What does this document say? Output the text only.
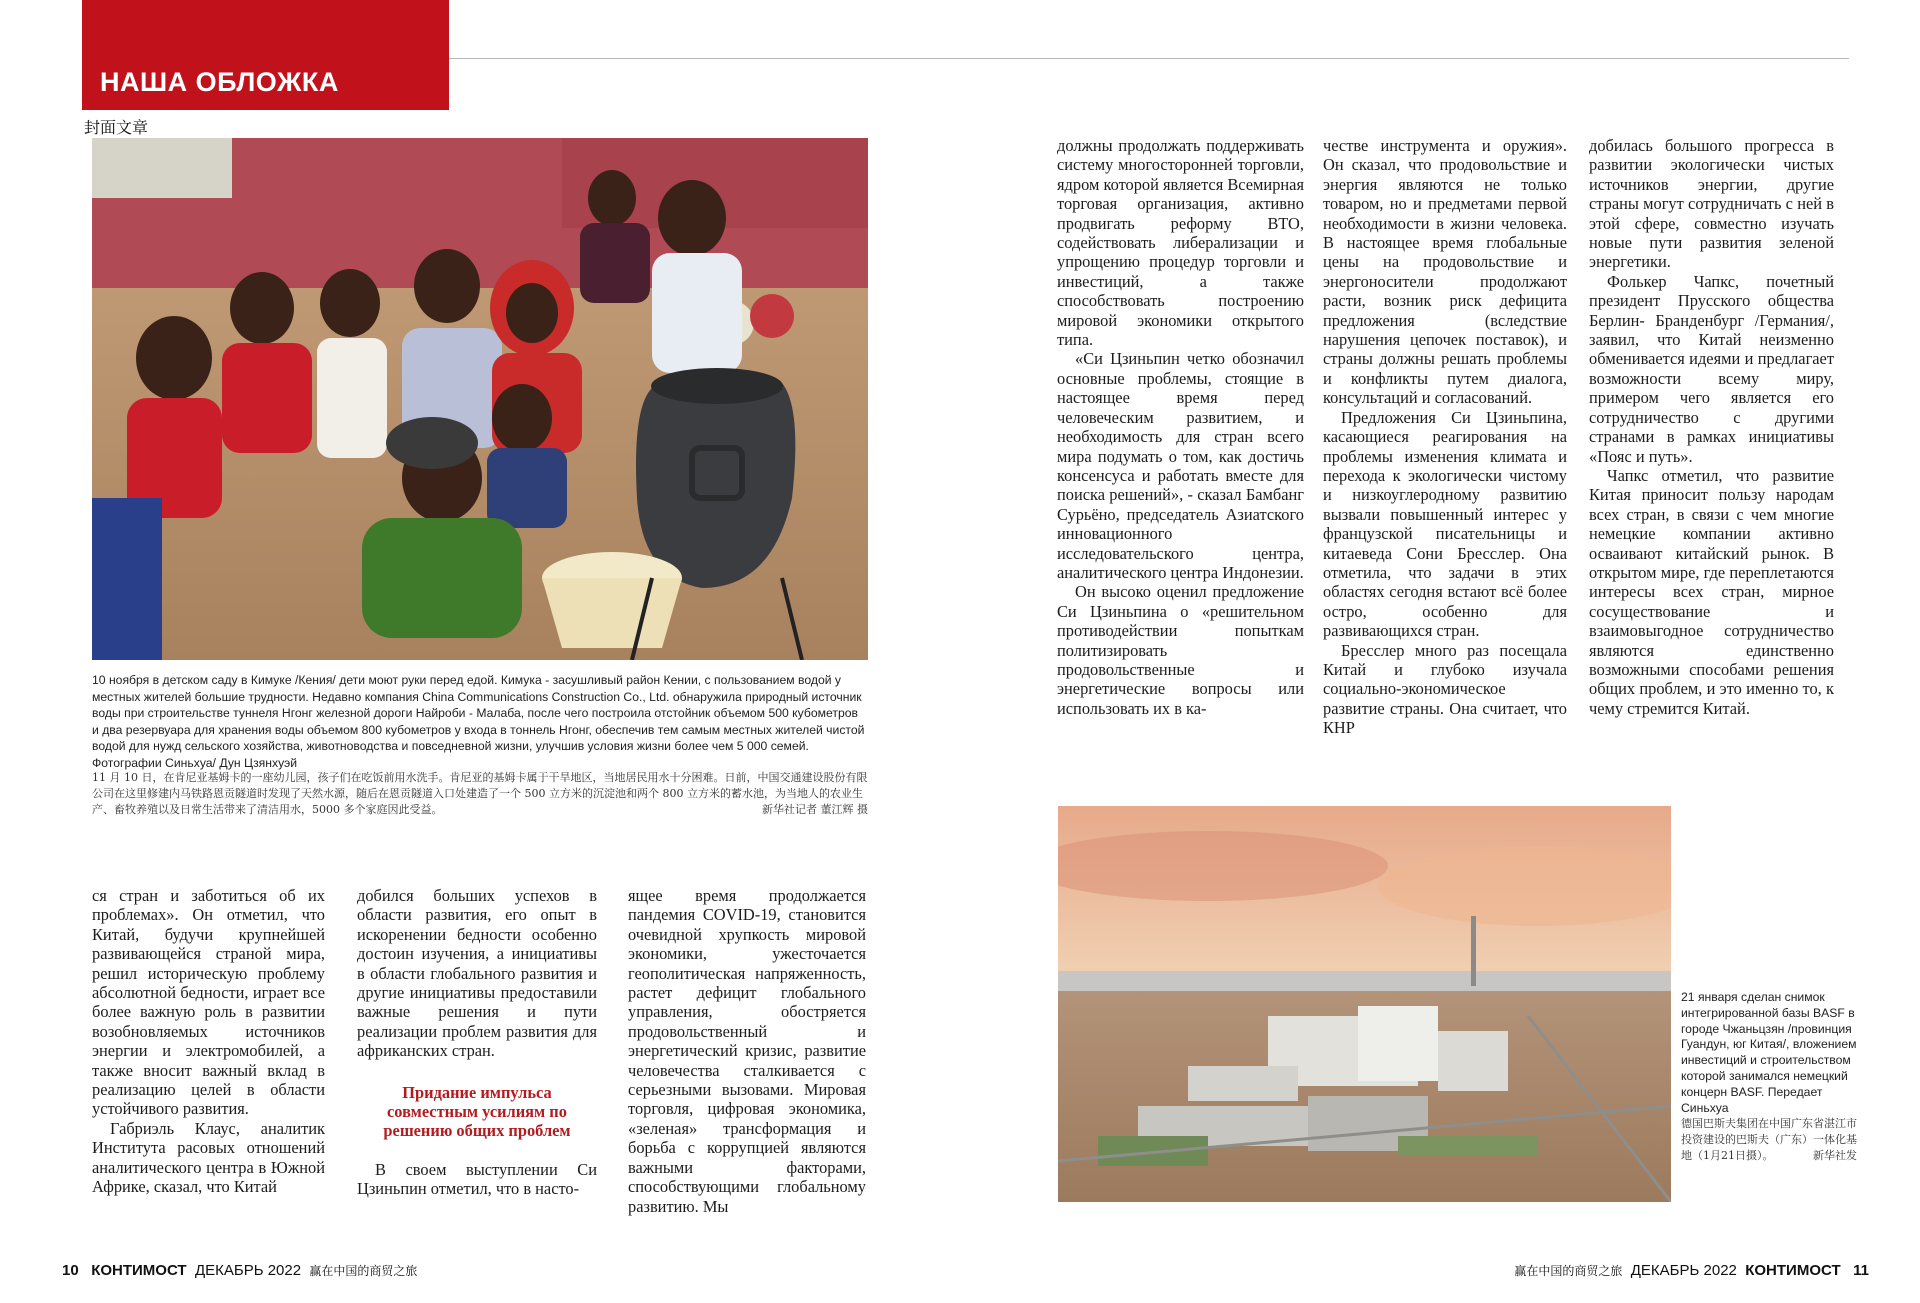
НАША ОБЛОЖКА
封面文章
10 ноября в детском саду в Кимуке /Кения/ дети моют руки перед едой. Кимука - засушливый район Кении, с пользованием водой у местных жителей большие трудности. Недавно компания China Communications Construction Co., Ltd. обнаружила природный источник воды при строительстве туннеля Нгонг железной дороги Найроби - Малаба, после чего построила отстойник объемом 500 кубометров и два резервуара для хранения воды объемом 800 кубометров у входа в тоннель Нгонг, обеспечив тем самым местных жителей чистой водой для нужд сельского хозяйства, животноводства и повседневной жизни, улучшив условия жизни более чем 5 000 семей. Фотографии Синьхуа/ Дун Цзянхуэй
11 月 10 日，在肯尼亚基姆卡的一座幼儿园，孩子们在吃饭前用水洗手。肯尼亚的基姆卡属于干旱地区，当地居民用水十分困难。日前，中国交通建设股份有限公司在这里修建内马铁路恩贡隧道时发现了天然水源，随后在恩贡隧道入口处建造了一个 500 立方米的沉淀池和两个 800 立方米的蓄水池，为当地人的农业生产、畜牧养殖以及日常生活带来了清洁用水，5000 多个家庭因此受益。	新华社记者 董江辉 摄

ся стран и заботиться об их проблемах». Он отметил, что Китай, будучи крупнейшей развивающейся страной мира, решил историческую проблему абсолютной бедности, играет все более важную роль в развитии возобновляемых источников энергии и электромобилей, а также вносит важный вклад в реализацию целей в области устойчивого развития.

Габриэль Клаус, аналитик Института расовых отношений аналитического центра в Южной Африке, сказал, что Китай

добился больших успехов в области развития, его опыт в искоренении бедности особенно достоин изучения, а инициативы в области глобального развития и другие инициативы предоставили важные решения и пути реализации проблем развития для африканских стран.

Придание импульса совместным усилиям по решению общих проблем

В своем выступлении Си Цзиньпин отметил, что в насто-

ящее время продолжается пандемия COVID-19, становится очевидной хрупкость мировой экономики, ужесточается геополитическая напряженность, растет дефицит глобального управления, обостряется продовольственный и энергетический кризис, развитие человечества сталкивается с серьезными вызовами. Мировая торговля, цифровая экономика, «зеленая» трансформация и борьба с коррупцией являются важными факторами, способствующими глобальному развитию. Мы

должны продолжать поддерживать систему многосторонней торговли, ядром которой является Всемирная торговая организация, активно продвигать реформу ВТО, содействовать либерализации и упрощению процедур торговли и инвестиций, а также способствовать построению мировой экономики открытого типа.

«Си Цзиньпин четко обозначил основные проблемы, стоящие в настоящее время перед человеческим развитием, и необходимость для стран всего мира подумать о том, как достичь консенсуса и работать вместе для поиска решений», - сказал Бамбанг Сурьёно, председатель Азиатского инновационного исследовательского центра, аналитического центра Индонезии.

Он высоко оценил предложение Си Цзиньпина о «решительном противодействии попыткам политизировать продовольственные и энергетические вопросы или использовать их в ка-

честве инструмента и оружия». Он сказал, что продовольствие и энергия являются не только товаром, но и предметами первой необходимости в жизни человека. В настоящее время глобальные цены на продовольствие и энергоносители продолжают расти, возник риск дефицита предложения (вследствие нарушения цепочек поставок), и страны должны решать проблемы и конфликты путем диалога, консультаций и согласований.

Предложения Си Цзиньпина, касающиеся реагирования на проблемы изменения климата и перехода к экологически чистому и низкоуглеродному развитию вызвали повышенный интерес у французской писательницы и китаеведа Сони Бресслер. Она отметила, что задачи в этих областях сегодня встают всё более остро, особенно для развивающихся стран.

Бресслер много раз посещала Китай и глубоко изучала социально-экономическое развитие страны. Она считает, что КНР

добилась большого прогресса в развитии экологически чистых источников энергии, другие страны могут сотрудничать с ней в этой сфере, совместно изучать новые пути развития зеленой энергетики.

Фолькер Чапкс, почетный президент Прусского общества Берлин- Бранденбург /Германия/, заявил, что Китай неизменно обменивается идеями и предлагает возможности всему миру, примером чего является его сотрудничество с другими странами в рамках инициативы «Пояс и путь».

Чапкс отметил, что развитие Китая приносит пользу народам всех стран, в связи с чем многие немецкие компании активно осваивают китайский рынок. В открытом мире, где переплетаются интересы всех стран, мирное сосуществование и взаимовыгодное сотрудничество являются единственно возможными способами решения общих проблем, и это именно то, к чему стремится Китай.

21 января сделан снимок интегрированной базы BASF в городе Чжаньцзян /провинция Гуандун, юг Китая/, вложением инвестиций и строительством которой занимался немецкий концерн BASF. Передает Синьхуа
德国巴斯夫集团在中国广东省湛江市投资建设的巴斯夫（广东）一体化基地（1月21日摄）。	新华社发
10 КОНТИМОСТ ДЕКАБРЬ 2022 赢在中国的商贸之旅	赢在中国的商贸之旅 ДЕКАБРЬ 2022 КОНТИМОСТ 11
